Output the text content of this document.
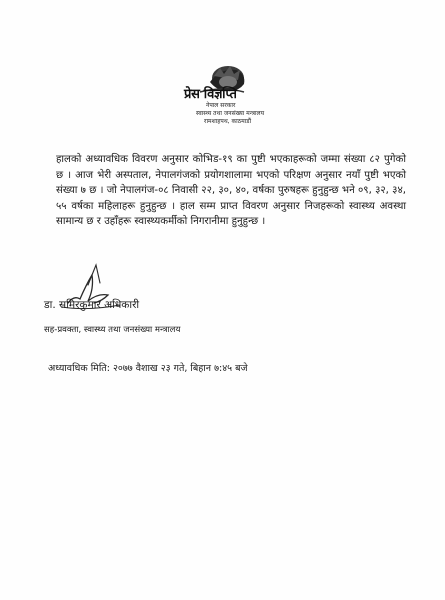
प्रेस विज्ञप्ति
नेपाल सरकार
स्वास्थ्य तथा जनसंख्या मन्त्रालय
रामशाहपथ, काठमाडौं
हालको अध्यावधिक विवरण अनुसार कोभिड-१९ का पुष्टी भएकाहरूको जम्मा संख्या ८२ पुगेको छ । आज भेरी अस्पताल, नेपालगंजको प्रयोगशालामा भएको परिक्षण अनुसार नयाँ पुष्टी भएको संख्या ७ छ । जो नेपालगंज-०८ निवासी २२, ३०, ४०, वर्षका पुरुषहरू हुनुहुन्छ भने ०९, ३२, ३४, ५५ वर्षका महिलाहरू हुनुहुन्छ । हाल सम्म प्राप्त विवरण अनुसार निजहरूको स्वास्थ्य अवस्था सामान्य छ र उहाँहरू स्वास्थ्यकर्मीको निगरानीमा हुनुहुन्छ ।
डा. समिरकुमार अधिकारी
सह-प्रवक्ता, स्वास्थ्य तथा जनसंख्या मन्त्रालय
अध्यावधिक मिति: २०७७ वैशाख २३ गते, बिहान ७:४५ बजे
